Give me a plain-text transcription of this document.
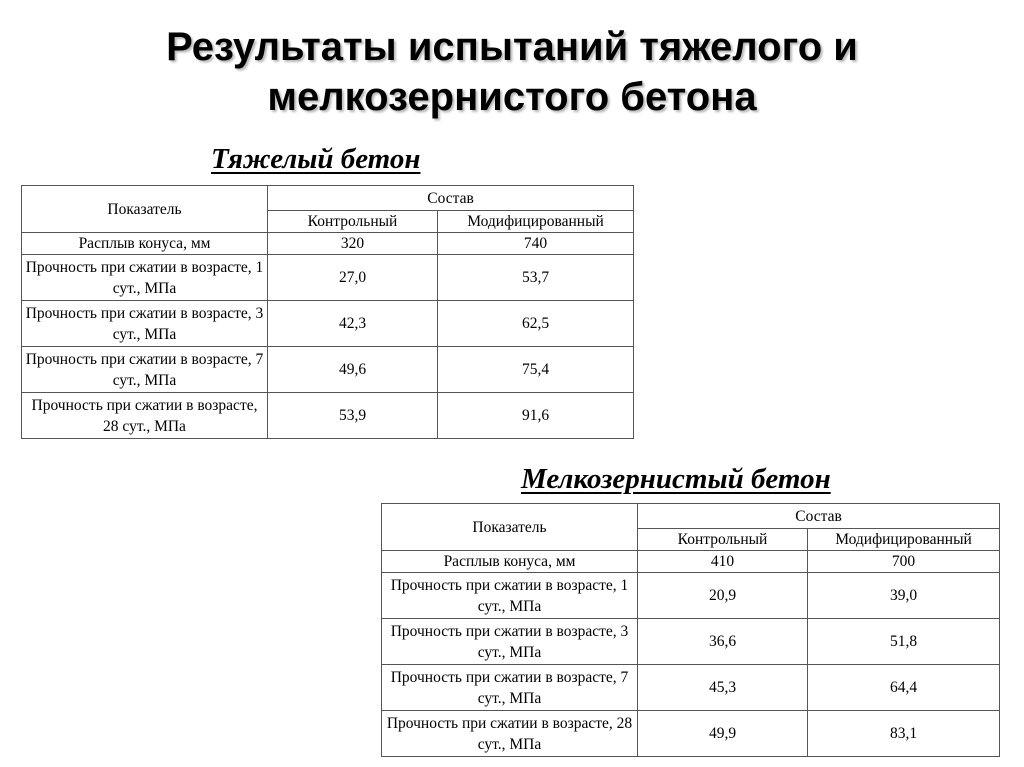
Результаты испытаний тяжелого и
мелкозернистого бетона
Тяжелый бетон
Показатель	Состав	
	Контрольный	Модифицированный
Расплыв конуса, мм	320	740
Прочность при сжатии в возрасте, 1 сут., МПа	27,0	53,7
Прочность при сжатии в возрасте, 3 сут., МПа	42,3	62,5
Прочность при сжатии в возрасте, 7 сут., МПа	49,6	75,4
Прочность при сжатии в возрасте, 28 сут., МПа	53,9	91,6
Мелкозернистый бетон
Показатель	Состав	
	Контрольный	Модифицированный
Расплыв конуса, мм	410	700
Прочность при сжатии в возрасте, 1 сут., МПа	20,9	39,0
Прочность при сжатии в возрасте, 3 сут., МПа	36,6	51,8
Прочность при сжатии в возрасте, 7 сут., МПа	45,3	64,4
Прочность при сжатии в возрасте, 28 сут., МПа	49,9	83,1
